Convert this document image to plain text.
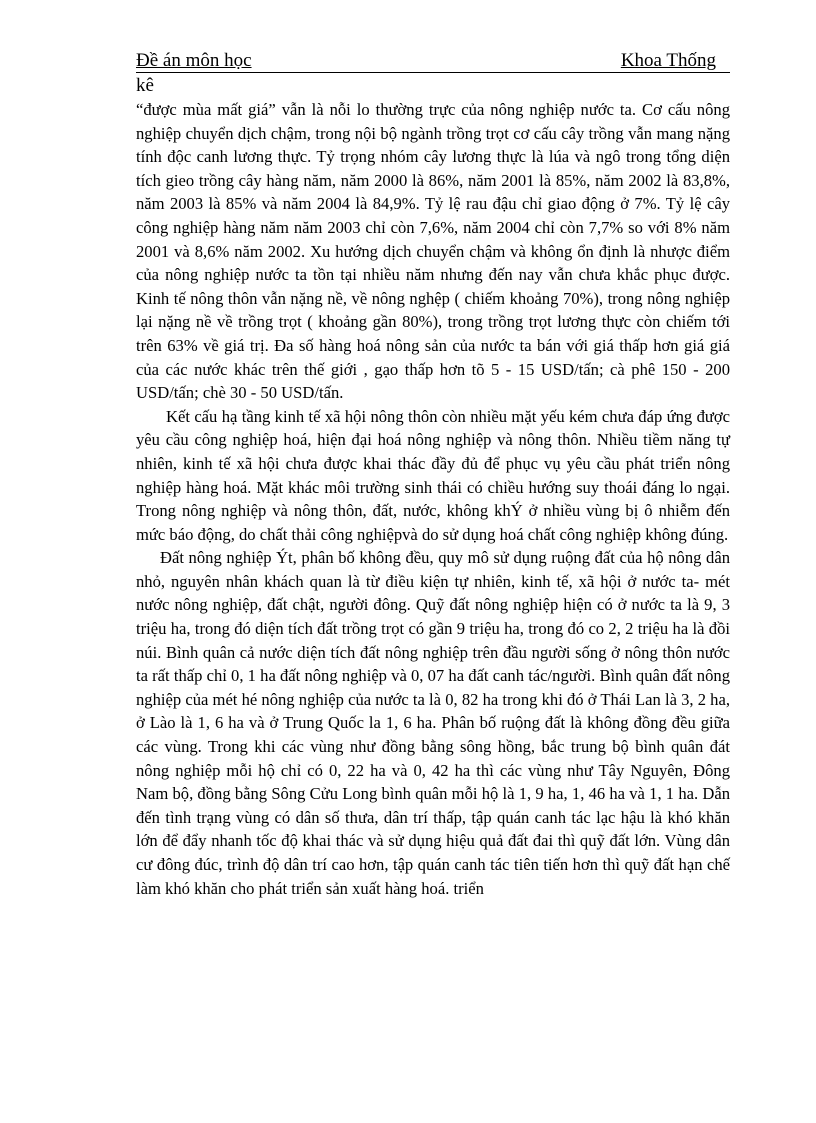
Đề án môn học	Khoa Thống
kê

“được mùa mất giá” vẫn là nỗi lo thường trực của nông nghiệp nước ta. Cơ cấu nông nghiệp chuyển dịch chậm, trong nội bộ ngành trồng trọt cơ cấu cây trồng vẫn mang nặng tính độc canh lương thực. Tỷ trọng nhóm cây lương thực là lúa và ngô trong tổng diện tích gieo trồng cây hàng năm, năm 2000 là 86%, năm 2001 là 85%, năm 2002 là 83,8%, năm 2003 là 85% và năm 2004 là 84,9%. Tỷ lệ rau đậu chỉ giao động ở 7%. Tỷ lệ cây công nghiệp hàng năm năm 2003 chỉ còn 7,6%, năm 2004 chỉ còn 7,7% so với 8% năm 2001 và 8,6% năm 2002. Xu hướng dịch chuyển chậm và không ổn định là nhược điểm của nông nghiệp nước ta tồn tại nhiều năm nhưng đến nay vẫn chưa khắc phục được. Kinh tế nông thôn vẫn nặng nề, về nông nghệp ( chiếm khoảng 70%), trong nông nghiệp lại nặng nề về trồng trọt ( khoảng gần 80%), trong trồng trọt lương thực còn chiếm tới trên 63% về giá trị. Đa số hàng hoá nông sản của nước ta bán với giá thấp hơn giá giá của các nước khác trên thế giới , gạo thấp hơn tõ 5 - 15 USD/tấn; cà phê 150 - 200 USD/tấn; chè 30 - 50 USD/tấn.

Kết cấu hạ tầng kinh tế xã hội nông thôn còn nhiều mặt yếu kém chưa đáp ứng được yêu cầu công nghiệp hoá, hiện đại hoá nông nghiệp và nông thôn. Nhiều tiềm năng tự nhiên, kinh tế xã hội chưa được khai thác đầy đủ để phục vụ yêu cầu phát triển nông nghiệp hàng hoá. Mặt khác môi trường sinh thái có chiều hướng suy thoái đáng lo ngại. Trong nông nghiệp và nông thôn, đất, nước, không khÝ ở nhiều vùng bị ô nhiễm đến mức báo động, do chất thải công nghiệpvà do sử dụng hoá chất công nghiệp không đúng.

Đất nông nghiệp Ýt, phân bố không đều, quy mô sử dụng ruộng đất của hộ nông dân nhỏ, nguyên nhân khách quan là từ điều kiện tự nhiên, kinh tế, xã hội ở nước ta- mét nước nông nghiệp, đất chật, người đông. Quỹ đất nông nghiệp hiện có ở nước ta là 9, 3 triệu ha, trong đó diện tích đất trồng trọt có gần 9 triệu ha, trong đó co 2, 2 triệu ha là đồi núi. Bình quân cả nước diện tích đất nông nghiệp trên đầu người sống ở nông thôn nước ta rất thấp chỉ 0, 1 ha đất nông nghiệp và 0, 07 ha đất canh tác/người. Bình quân đất nông nghiệp của mét hé nông nghiệp của nước ta là 0, 82 ha trong khi đó ở Thái Lan là 3, 2 ha, ở Lào là 1, 6 ha và ở Trung Quốc la 1, 6 ha. Phân bố ruộng đất là không đồng đều giữa các vùng. Trong khi các vùng như đồng bằng sông hồng, bắc trung bộ bình quân đát nông nghiệp mỗi hộ chỉ có 0, 22 ha và 0, 42 ha thì các vùng như Tây Nguyên, Đông Nam bộ, đồng bằng Sông Cửu Long bình quân mỗi hộ là 1, 9 ha, 1, 46 ha và 1, 1 ha. Dẫn đến tình trạng vùng có dân số thưa, dân trí thấp, tập quán canh tác lạc hậu là khó khăn lớn để đẩy nhanh tốc độ khai thác và sử dụng hiệu quả đất đai thì quỹ đất lớn. Vùng dân cư đông đúc, trình độ dân trí cao hơn, tập quán canh tác tiên tiến hơn thì quỹ đất hạn chế làm khó khăn cho phát triển sản xuất hàng hoá. triển
